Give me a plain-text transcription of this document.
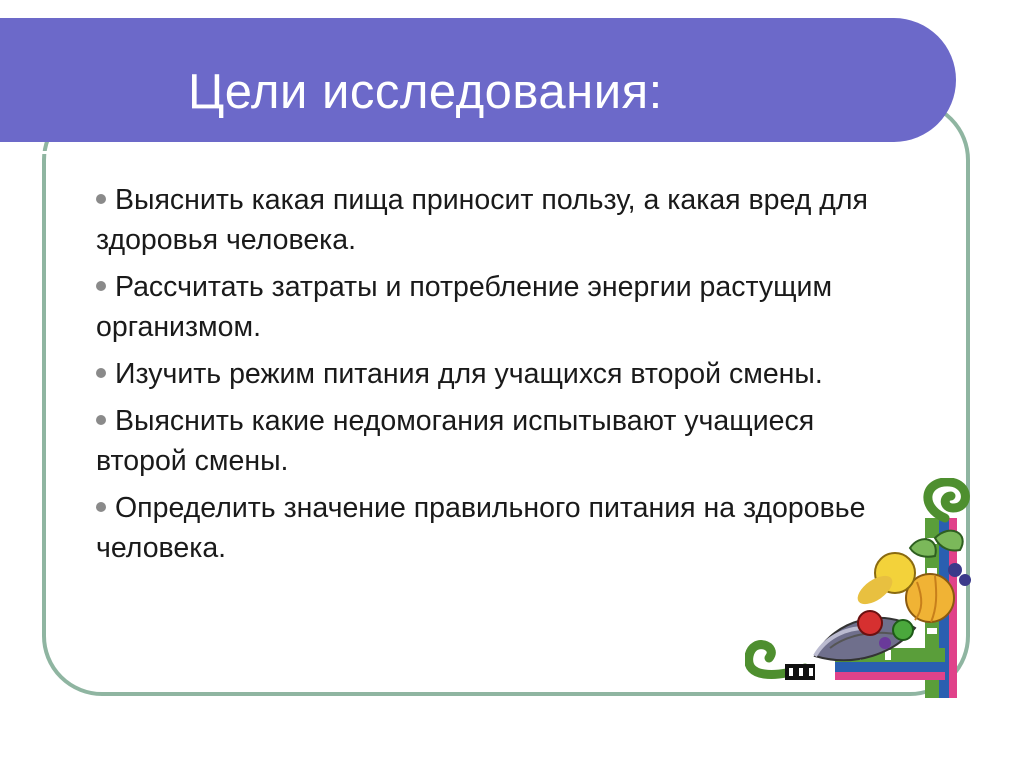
Цели исследования:
Выяснить какая пища приносит пользу, а какая вред для здоровья человека.
Рассчитать затраты и потребление энергии растущим организмом.
Изучить режим питания для учащихся второй смены.
Выяснить какие недомогания испытывают учащиеся второй смены.
Определить значение правильного питания на здоровье человека.
